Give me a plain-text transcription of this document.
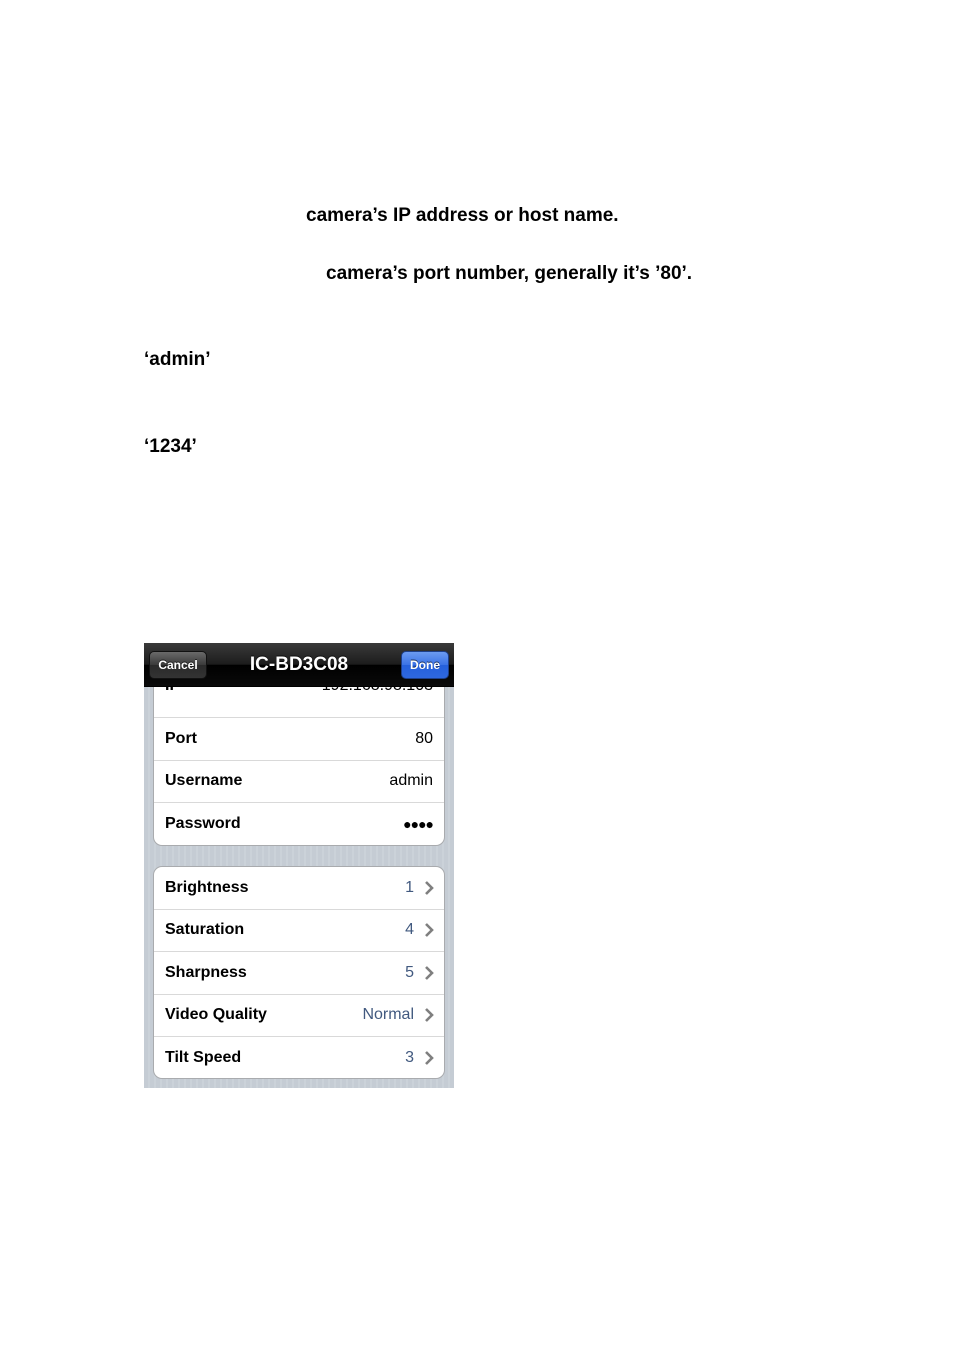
camera’s IP address or host name.
camera’s port number, generally it’s ’80’.
‘admin’
‘1234’
Port	80
Username	admin
Password	●●●●
Brightness	1
Saturation	4
Sharpness	5
Video Quality	Normal
Tilt Speed	3
Cancel	IC-BD3C08	Done
